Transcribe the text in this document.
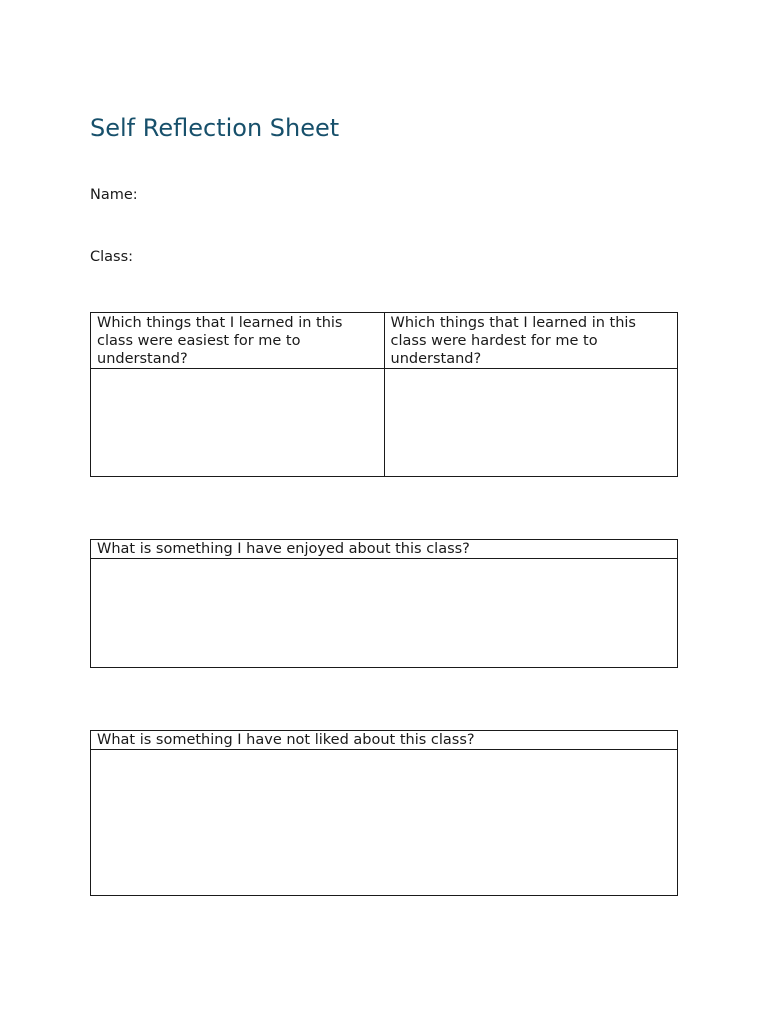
Self Reflection Sheet
Name:
Class:
Which things that I learned in this class were easiest for me to understand?	Which things that I learned in this class were hardest for me to understand?

What is something I have enjoyed about this class?

What is something I have not liked about this class?
